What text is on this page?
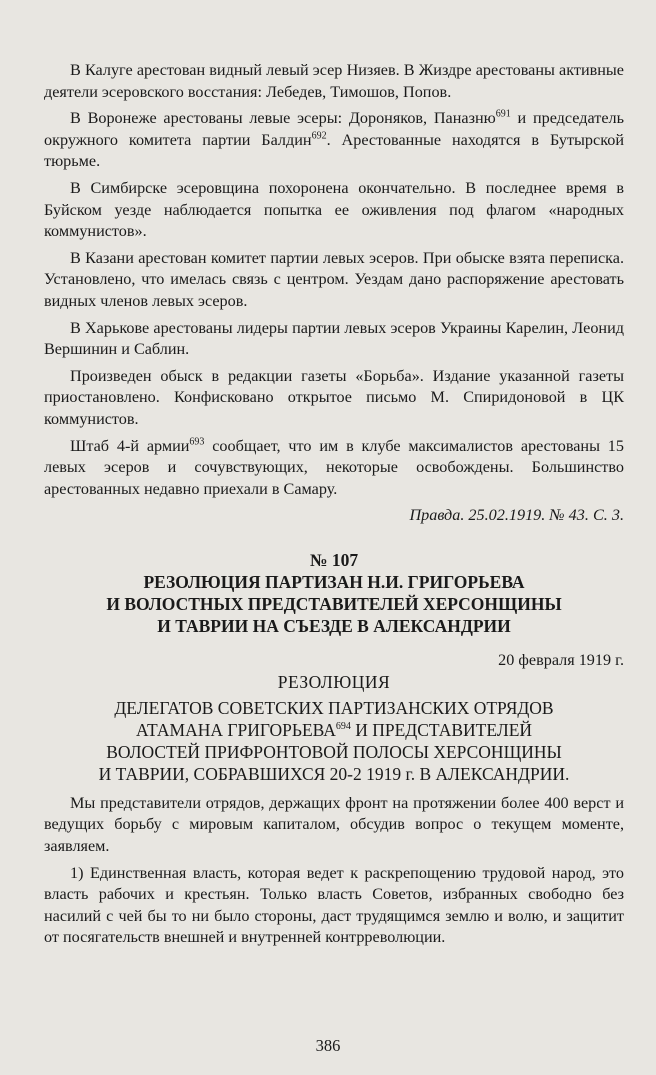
В Калуге арестован видный левый эсер Низяев. В Жиздре арестованы активные деятели эсеровского восстания: Лебедев, Тимошов, Попов.

В Воронеже арестованы левые эсеры: Дороняков, Паназню$^{691}$ и председатель окружного комитета партии Балдин$^{692}$. Арестованные находятся в Бутырской тюрьме.

В Симбирске эсеровщина похоронена окончательно. В последнее время в Буйском уезде наблюдается попытка ее оживления под флагом «народных коммунистов».

В Казани арестован комитет партии левых эсеров. При обыске взята переписка. Установлено, что имелась связь с центром. Уездам дано распоряжение арестовать видных членов левых эсеров.

В Харькове арестованы лидеры партии левых эсеров Украины Карелин, Леонид Вершинин и Саблин.

Произведен обыск в редакции газеты «Борьба». Издание указанной газеты приостановлено. Конфисковано открытое письмо М. Спиридоновой в ЦК коммунистов.

Штаб 4-й армии$^{693}$ сообщает, что им в клубе максималистов арестованы 15 левых эсеров и сочувствующих, некоторые освобождены. Большинство арестованных недавно приехали в Самару.

Правда. 25.02.1919. № 43. С. 3.

№ 107
РЕЗОЛЮЦИЯ ПАРТИЗАН Н.И. ГРИГОРЬЕВА
И ВОЛОСТНЫХ ПРЕДСТАВИТЕЛЕЙ ХЕРСОНЩИНЫ
И ТАВРИИ НА СЪЕЗДЕ В АЛЕКСАНДРИИ
20 февраля 1919 г.
РЕЗОЛЮЦИЯ
ДЕЛЕГАТОВ СОВЕТСКИХ ПАРТИЗАНСКИХ ОТРЯДОВ
АТАМАНА ГРИГОРЬЕВА$^{694}$ И ПРЕДСТАВИТЕЛЕЙ
ВОЛОСТЕЙ ПРИФРОНТОВОЙ ПОЛОСЫ ХЕРСОНЩИНЫ
И ТАВРИИ, СОБРАВШИХСЯ 20-2 1919 г. В АЛЕКСАНДРИИ.

Мы представители отрядов, держащих фронт на протяжении более 400 верст и ведущих борьбу с мировым капиталом, обсудив вопрос о текущем моменте, заявляем.

1) Единственная власть, которая ведет к раскрепощению трудовой народ, это власть рабочих и крестьян. Только власть Советов, избранных свободно без насилий с чей бы то ни было стороны, даст трудящимся землю и волю, и защитит от посягательств внешней и внутренней контрреволюции.

386
